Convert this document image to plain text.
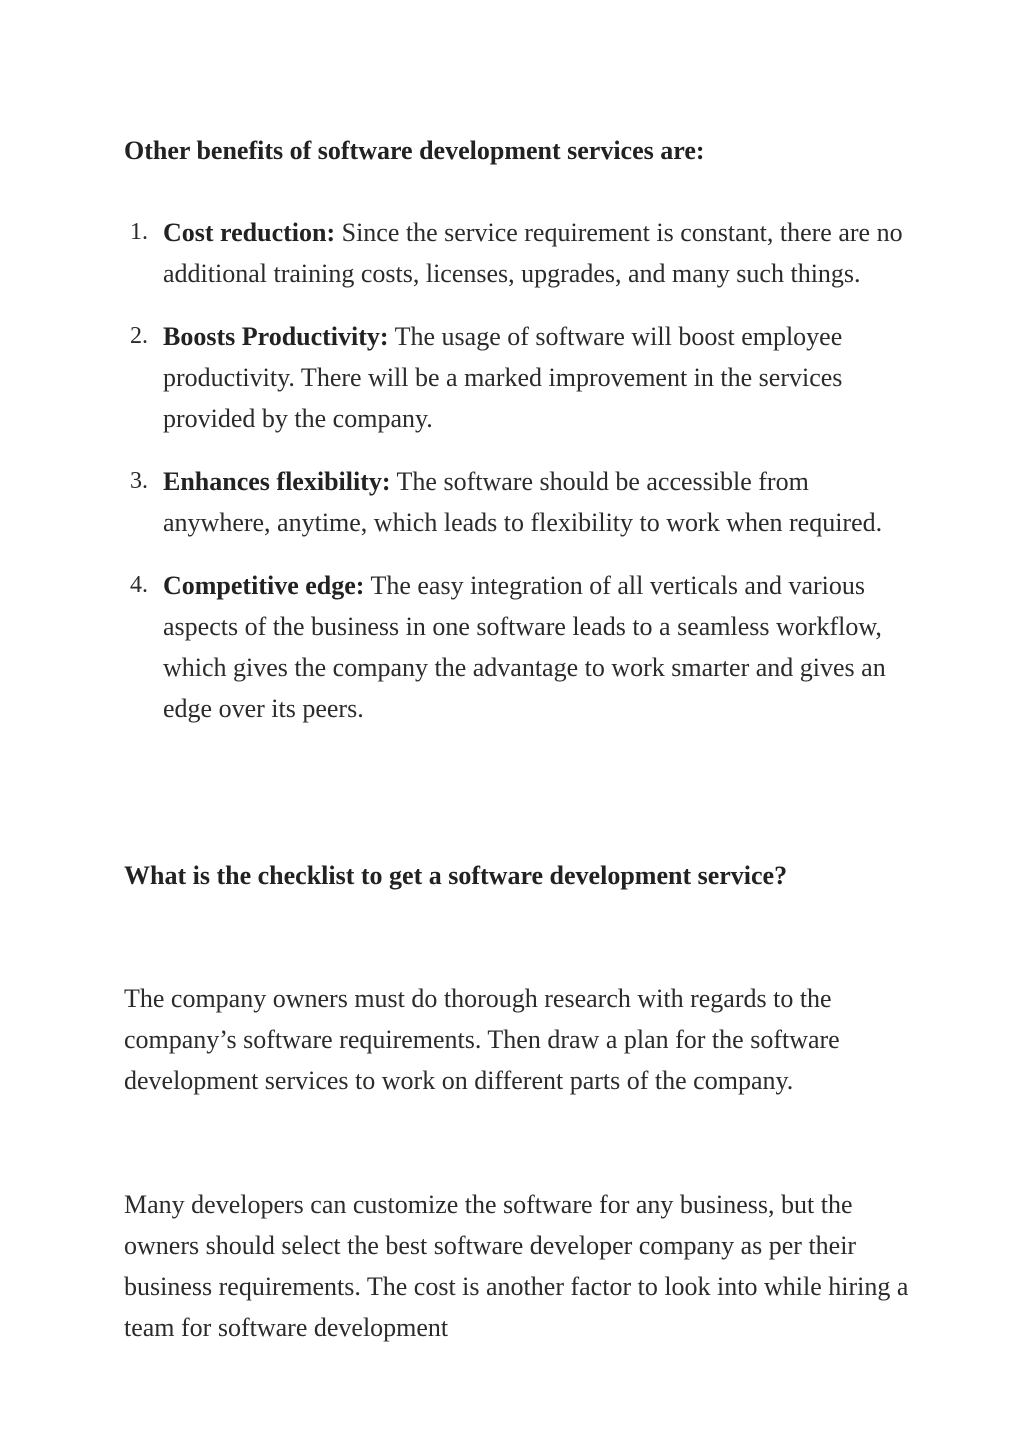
Other benefits of software development services are:
1. Cost reduction: Since the service requirement is constant, there are no additional training costs, licenses, upgrades, and many such things.
2. Boosts Productivity: The usage of software will boost employee productivity. There will be a marked improvement in the services provided by the company.
3. Enhances flexibility: The software should be accessible from anywhere, anytime, which leads to flexibility to work when required.
4. Competitive edge: The easy integration of all verticals and various aspects of the business in one software leads to a seamless workflow, which gives the company the advantage to work smarter and gives an edge over its peers.
What is the checklist to get a software development service?

The company owners must do thorough research with regards to the company’s software requirements. Then draw a plan for the software development services to work on different parts of the company.

Many developers can customize the software for any business, but the owners should select the best software developer company as per their business requirements. The cost is another factor to look into while hiring a team for software development
